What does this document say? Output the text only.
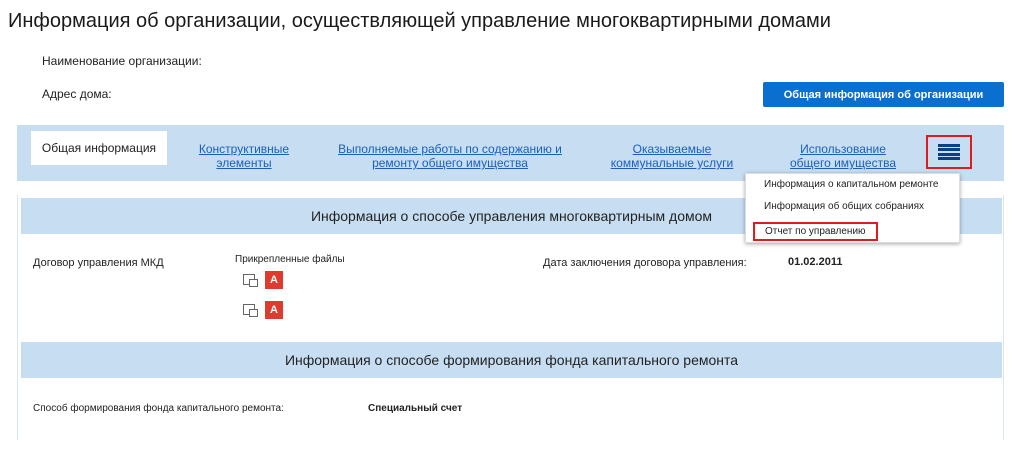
Информация об организации, осуществляющей управление многоквартирными домами
Наименование организации:
Адрес дома:	Общая информация об организации
Общая информация	Конструктивные
элементы
Выполняемые работы по содержанию и
ремонту общего имущества
Оказываемые
коммунальные услуги
Использование
общего имущества
Информация о способе управления многоквартирным домом
Договор управления МКД	Прикрепленные файлы
A
A
Дата заключения договора управления:	01.02.2011
Информация о способе формирования фонда капитального ремонта
Способ формирования фонда капитального ремонта:	Специальный счет
Информация о капитальном ремонте
Информация об общих собраниях
Отчет по управлению
